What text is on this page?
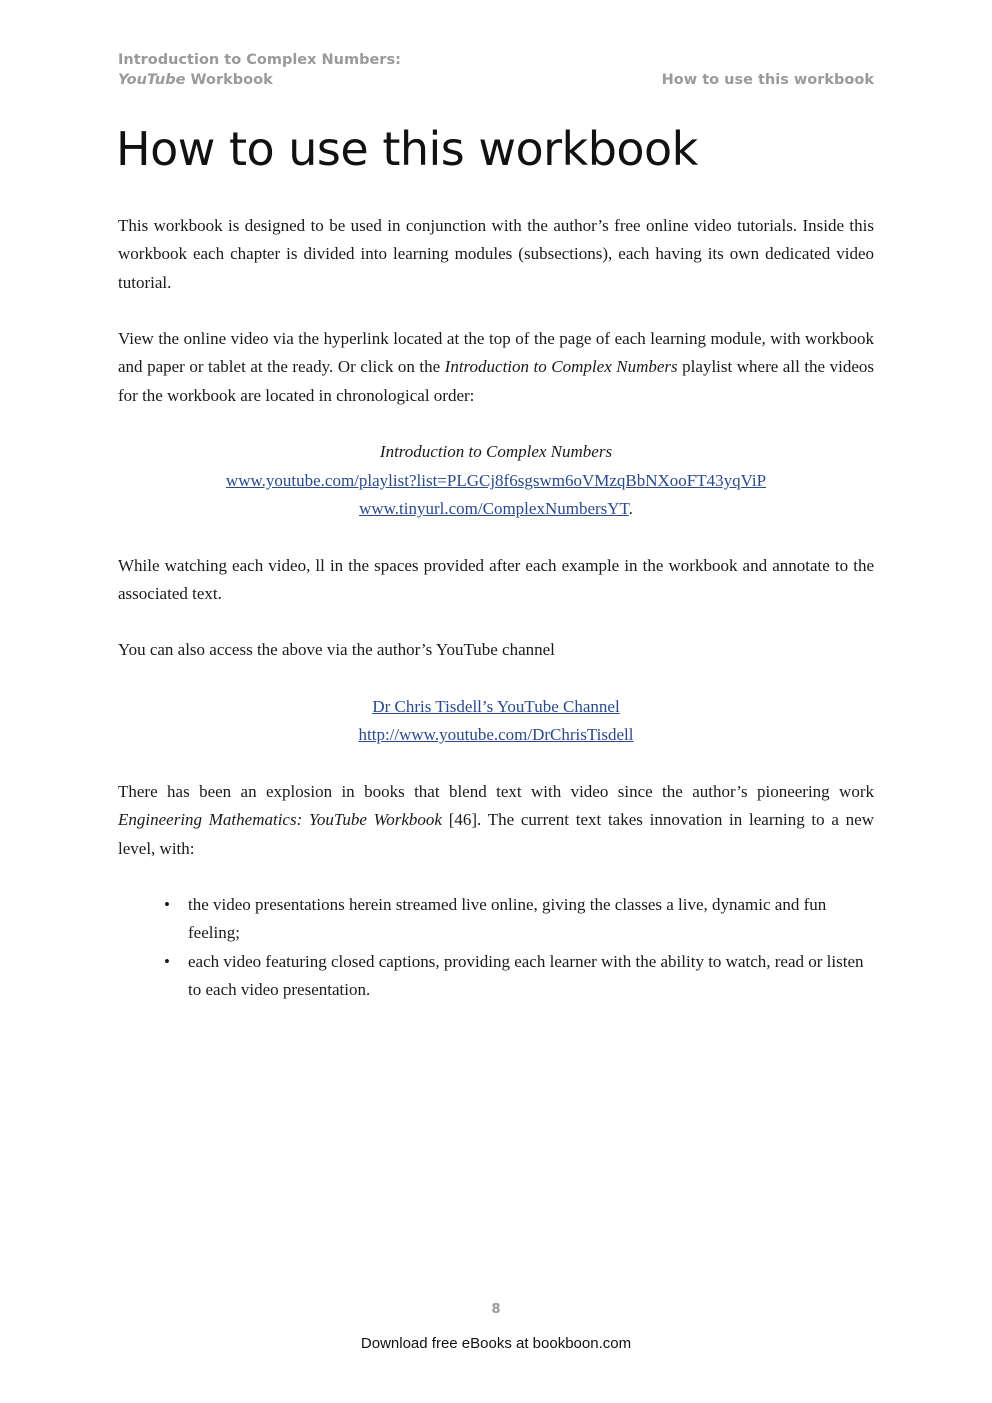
Introduction to Complex Numbers:
YouTube Workbook	How to use this workbook
How to use this workbook

This workbook is designed to be used in conjunction with the author’s free online video tutorials. Inside this workbook each chapter is divided into learning modules (subsections), each having its own dedicated video tutorial.

View the online video via the hyperlink located at the top of the page of each learning module, with workbook and paper or tablet at the ready. Or click on the Introduction to Complex Numbers playlist where all the videos for the workbook are located in chronological order:

Introduction to Complex Numbers
www.youtube.com/playlist?list=PLGCj8f6sgswm6oVMzqBbNXooFT43yqViP
www.tinyurl.com/ComplexNumbersYT.

While watching each video, ll in the spaces provided after each example in the workbook and annotate to the associated text.

You can also access the above via the author’s YouTube channel

Dr Chris Tisdell’s YouTube Channel
http://www.youtube.com/DrChrisTisdell

There has been an explosion in books that blend text with video since the author’s pioneering work Engineering Mathematics: YouTube Workbook [46]. The current text takes innovation in learning to a new level, with:

• the video presentations herein streamed live online, giving the classes a live, dynamic and fun feeling;
• each video featuring closed captions, providing each learner with the ability to watch, read or listen to each video presentation.
8
Download free eBooks at bookboon.com
